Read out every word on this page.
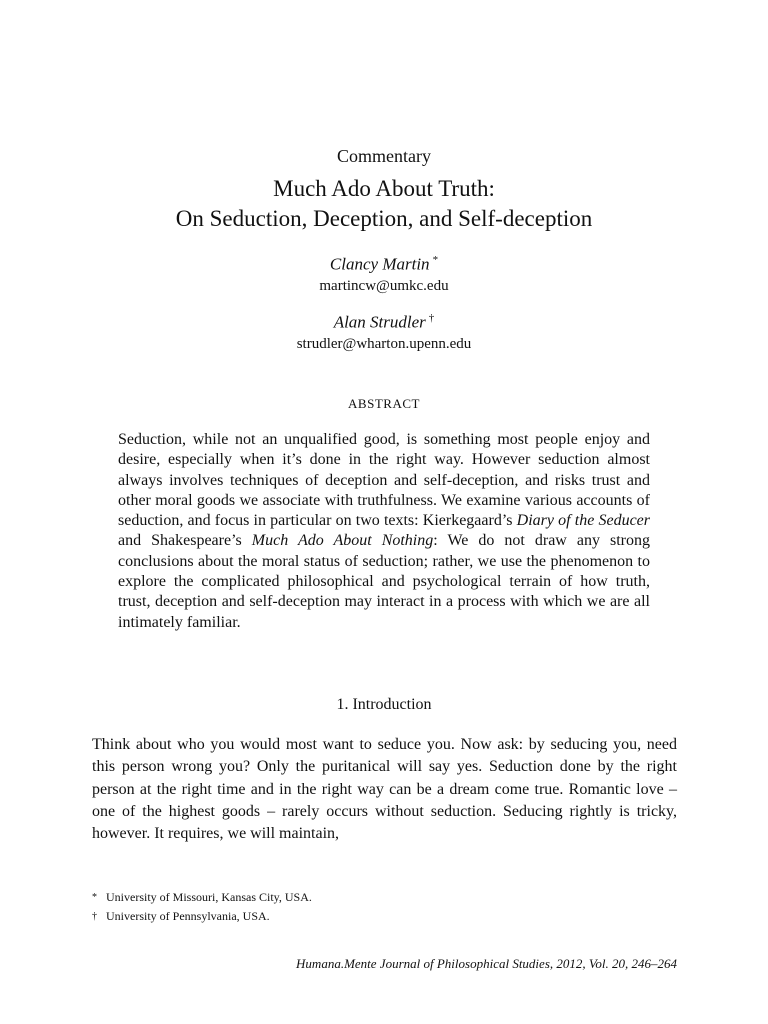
Commentary
Much Ado About Truth:
On Seduction, Deception, and Self-deception
Clancy Martin *
martincw@umkc.edu
Alan Strudler †
strudler@wharton.upenn.edu
ABSTRACT

Seduction, while not an unqualified good, is something most people enjoy and desire, especially when it’s done in the right way. However seduction almost always involves techniques of deception and self-deception, and risks trust and other moral goods we associate with truthfulness. We examine various accounts of seduction, and focus in particular on two texts: Kierkegaard’s Diary of the Seducer and Shakespeare’s Much Ado About Nothing: We do not draw any strong conclusions about the moral status of seduction; rather, we use the phenomenon to explore the complicated philosophical and psychological terrain of how truth, trust, deception and self-deception may interact in a process with which we are all intimately familiar.

1. Introduction

Think about who you would most want to seduce you. Now ask: by seducing you, need this person wrong you? Only the puritanical will say yes. Seduction done by the right person at the right time and in the right way can be a dream come true. Romantic love – one of the highest goods – rarely occurs without seduction. Seducing rightly is tricky, however. It requires, we will maintain,

* University of Missouri, Kansas City, USA.
† University of Pennsylvania, USA.
Humana.Mente Journal of Philosophical Studies, 2012, Vol. 20, 246–264
